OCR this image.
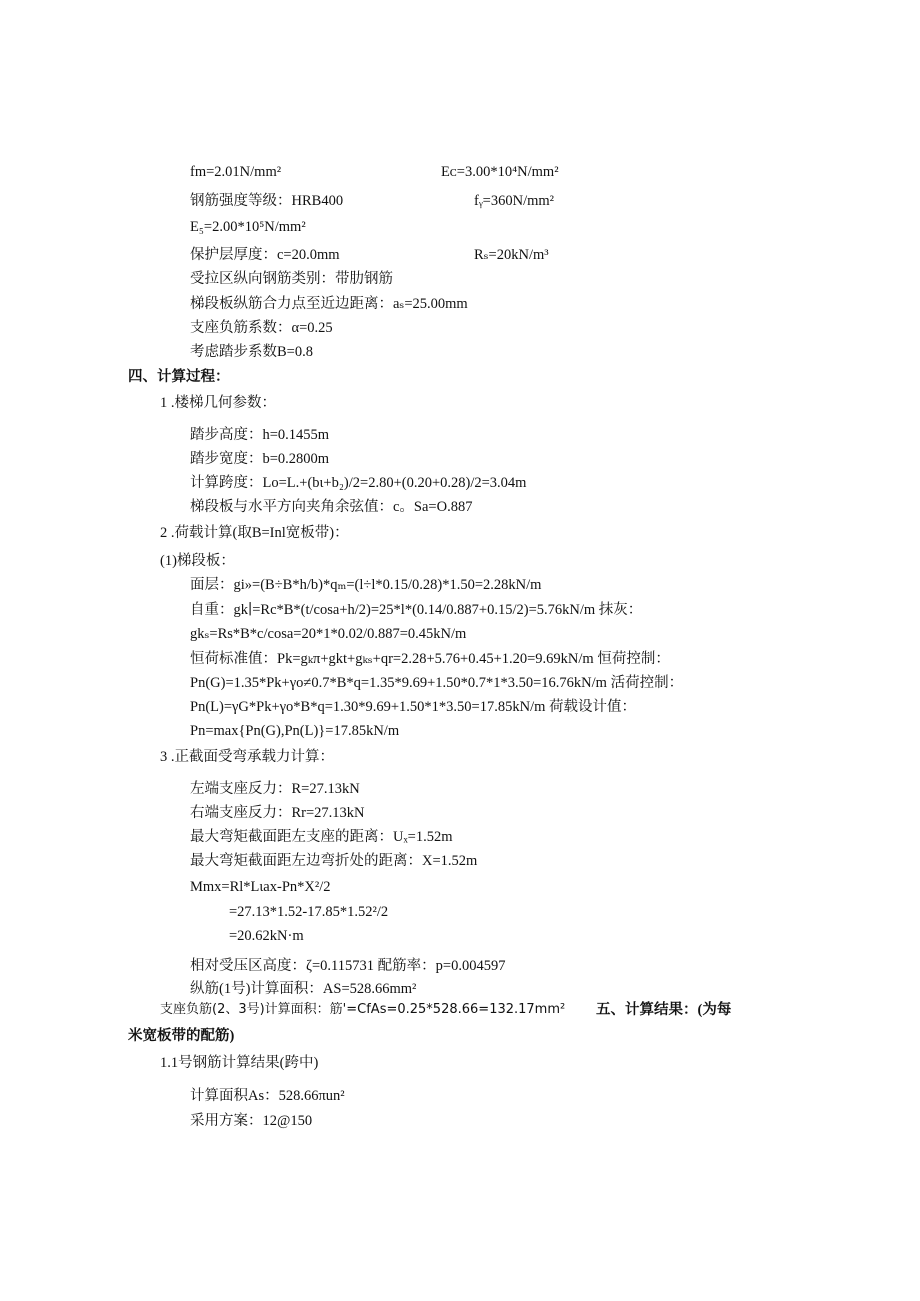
fm=2.01N/mm²	Eᴄ=3.00*10⁴N/mm²
钢筋强度等级：HRB400	fᵧ=360N/mm²
E₅=2.00*10⁵N/mm²
保护层厚度：c=20.0mm	Rₛ=20kN/m³
受拉区纵向钢筋类别：带肋钢筋
梯段板纵筋合力点至近边距离：aₛ=25.00mm
支座负筋系数：α=0.25
考虑踏步系数B=0.8
四、计算过程：
1 .楼梯几何参数：
踏步高度：h=0.1455m
踏步宽度：b=0.2800m
计算跨度：Lo=L.+(bι+b₂)/2=2.80+(0.20+0.28)/2=3.04m
梯段板与水平方向夹角余弦值：c。Sa=O.887
2 .荷载计算(取B=Inl宽板带)：
(1)梯段板：
面层：gi»=(B÷B*h/b)*qₘ=(l÷l*0.15/0.28)*1.50=2.28kN/m
自重：gk∣=Rc*B*(t/cosa+h/2)=25*l*(0.14/0.887+0.15/2)=5.76kN/m 抹灰：
gkₛ=Rs*B*c/cosa=20*1*0.02/0.887=0.45kN/m
恒荷标准值：Pk=gₖπ+gkt+gₖₛ+qr=2.28+5.76+0.45+1.20=9.69kN/m 恒荷控制：
Pn(G)=1.35*Pk+γo≠0.7*B*q=1.35*9.69+1.50*0.7*1*3.50=16.76kN/m 活荷控制：
Pn(L)=γG*Pk+γo*B*q=1.30*9.69+1.50*1*3.50=17.85kN/m 荷载设计值：
Pn=max{Pn(G),Pn(L)}=17.85kN/m
3 .正截面受弯承载力计算：
左端支座反力：R=27.13kN
右端支座反力：Rr=27.13kN
最大弯矩截面距左支座的距离：Uₓ=1.52m
最大弯矩截面距左边弯折处的距离：X=1.52m
Mmx=Rl*Lιax-Pn*X²/2
=27.13*1.52-17.85*1.52²/2
=20.62kN·m
相对受压区高度：ζ=0.115731 配筋率：p=0.004597
纵筋(1号)计算面积：AS=528.66mm²
支座负筋(2、3号)计算面积：筋'=CfAs=0.25*528.66=132.17mm² 五、计算结果：(为每
米宽板带的配筋)
1.1号钢筋计算结果(跨中)
计算面积As：528.66πun²
采用方案：12@150
